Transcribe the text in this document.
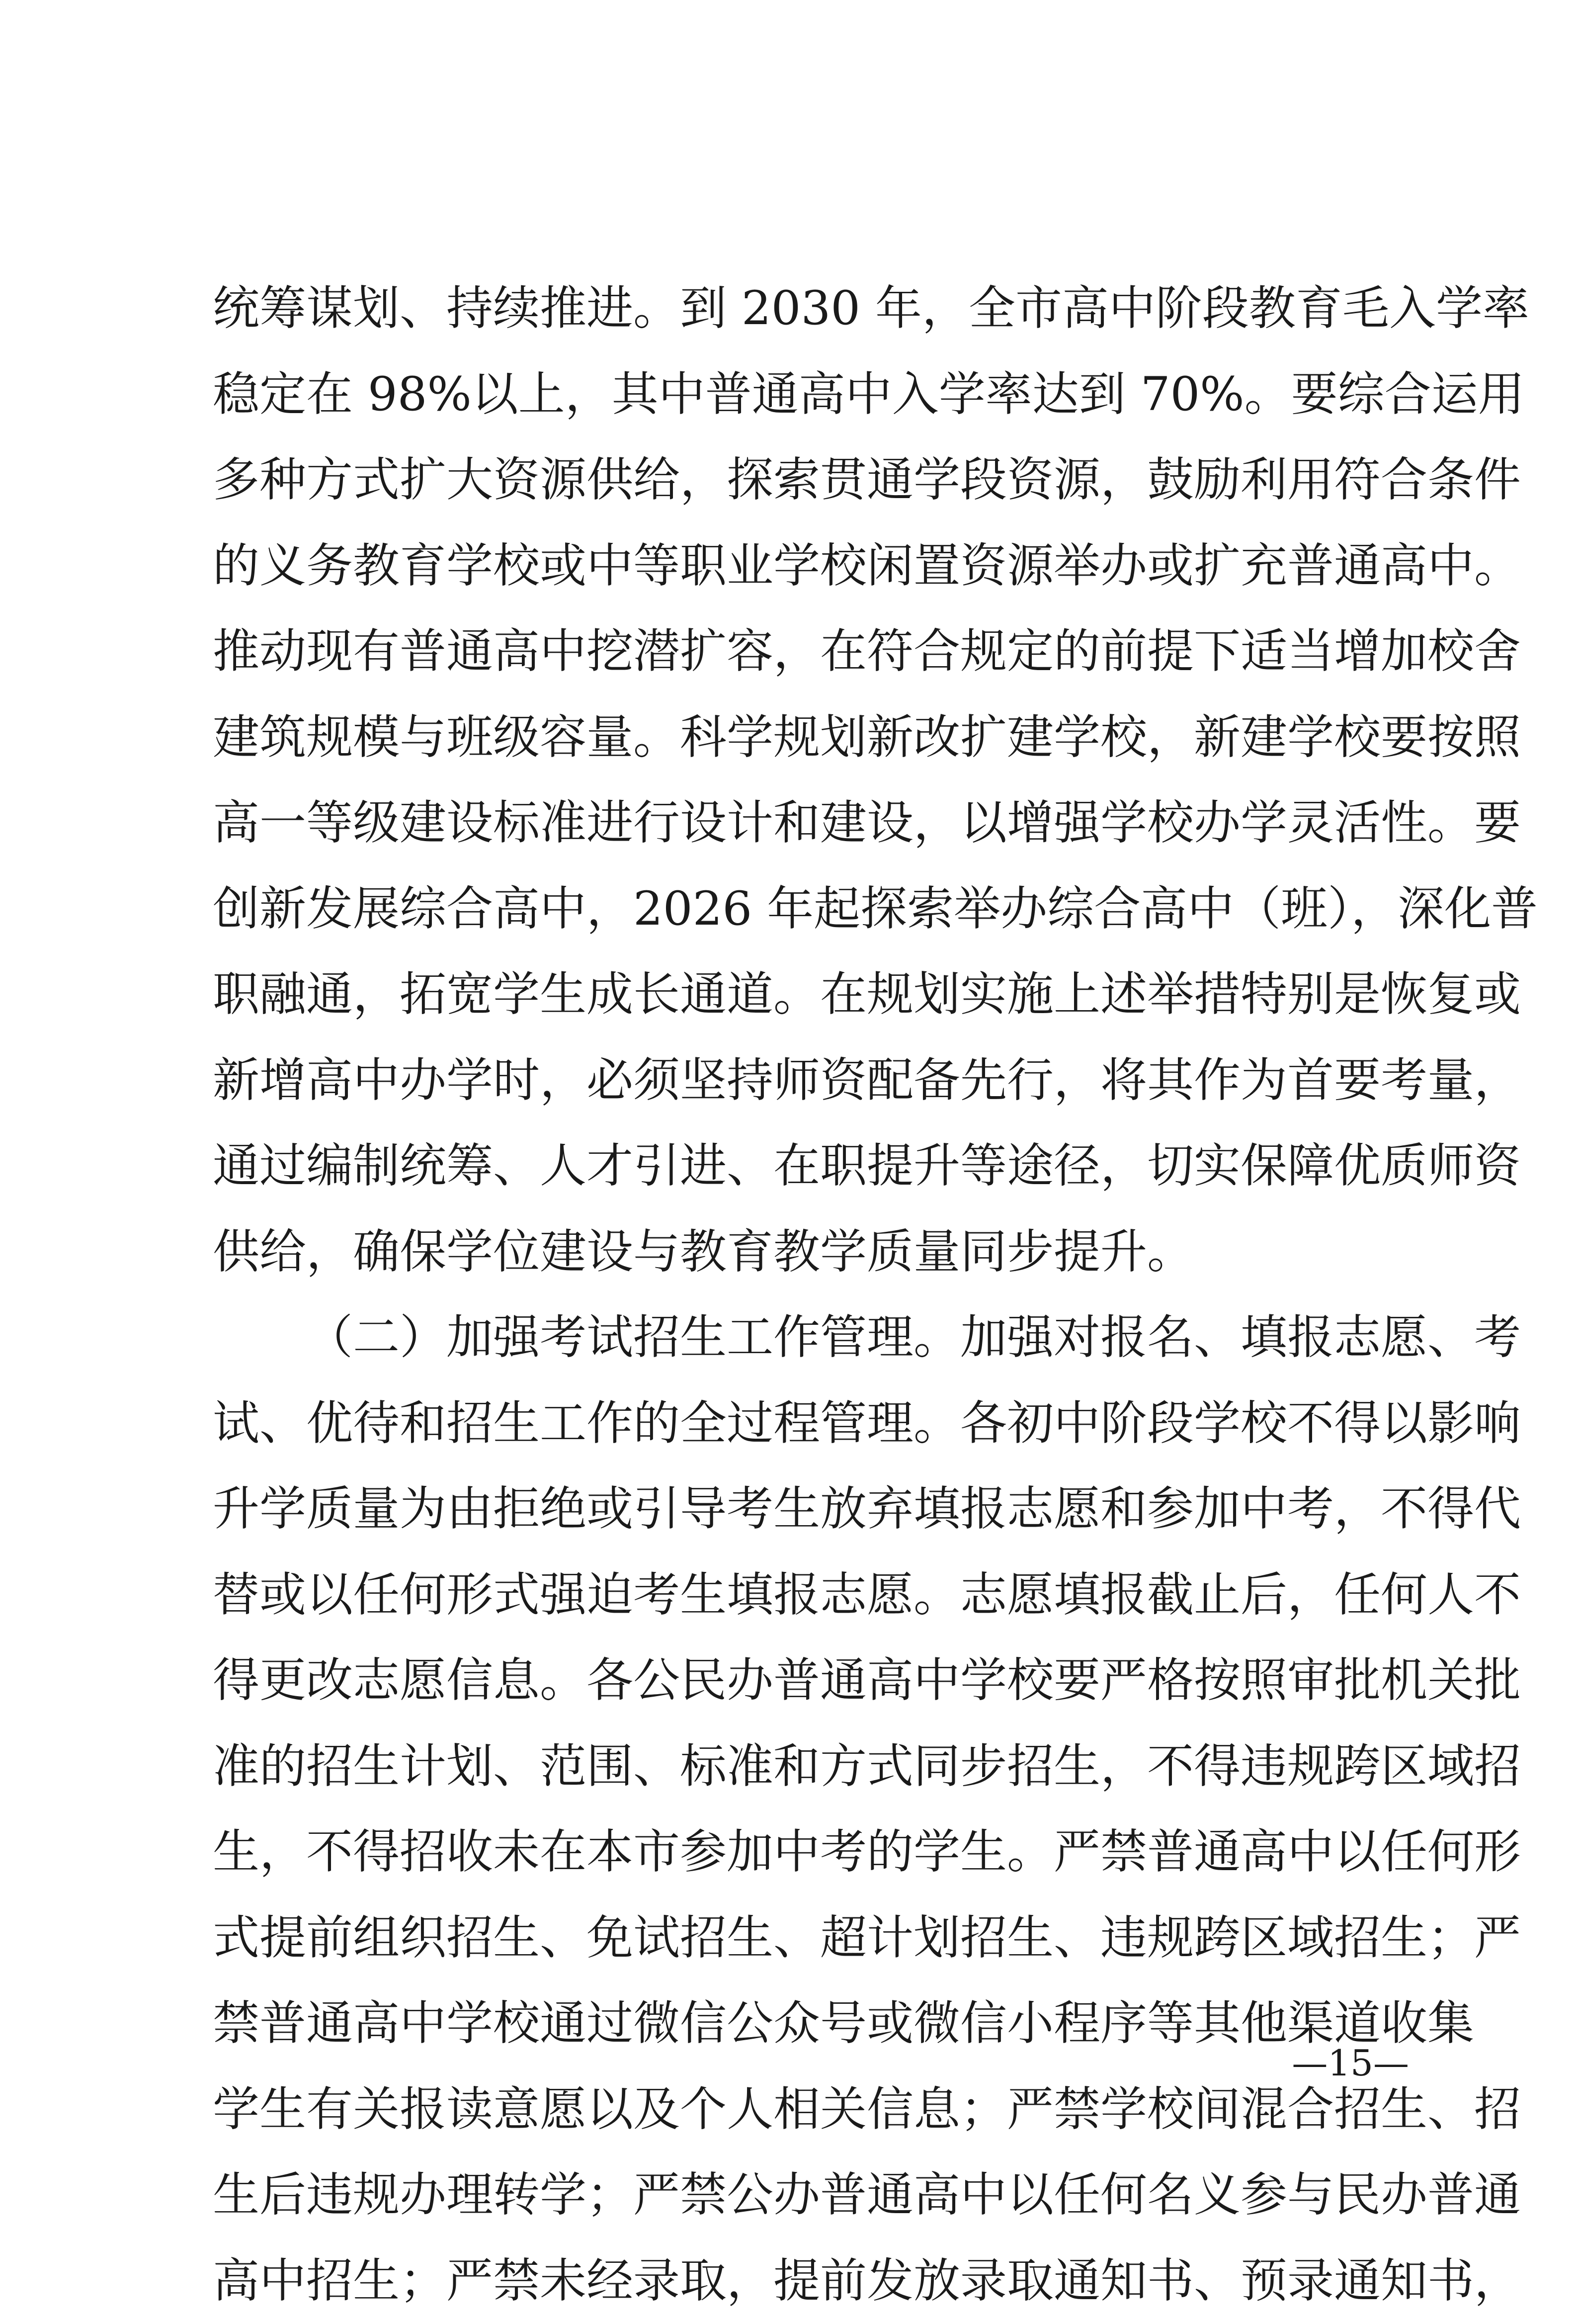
统筹谋划、持续推进。到 2030 年，全市高中阶段教育毛入学率
稳定在 98%以上，其中普通高中入学率达到 70%。要综合运用
多种方式扩大资源供给，探索贯通学段资源，鼓励利用符合条件
的义务教育学校或中等职业学校闲置资源举办或扩充普通高中。
推动现有普通高中挖潜扩容，在符合规定的前提下适当增加校舍
建筑规模与班级容量。科学规划新改扩建学校，新建学校要按照
高一等级建设标准进行设计和建设，以增强学校办学灵活性。要
创新发展综合高中，2026 年起探索举办综合高中（班），深化普
职融通，拓宽学生成长通道。在规划实施上述举措特别是恢复或
新增高中办学时，必须坚持师资配备先行，将其作为首要考量，
通过编制统筹、人才引进、在职提升等途径，切实保障优质师资
供给，确保学位建设与教育教学质量同步提升。
（二）加强考试招生工作管理。加强对报名、填报志愿、考
试、优待和招生工作的全过程管理。各初中阶段学校不得以影响
升学质量为由拒绝或引导考生放弃填报志愿和参加中考，不得代
替或以任何形式强迫考生填报志愿。志愿填报截止后，任何人不
得更改志愿信息。各公民办普通高中学校要严格按照审批机关批
准的招生计划、范围、标准和方式同步招生，不得违规跨区域招
生，不得招收未在本市参加中考的学生。严禁普通高中以任何形
式提前组织招生、免试招生、超计划招生、违规跨区域招生；严
禁普通高中学校通过微信公众号或微信小程序等其他渠道收集
学生有关报读意愿以及个人相关信息；严禁学校间混合招生、招
生后违规办理转学；严禁公办普通高中以任何名义参与民办普通
高中招生；严禁未经录取，提前发放录取通知书、预录通知书，
—15—
